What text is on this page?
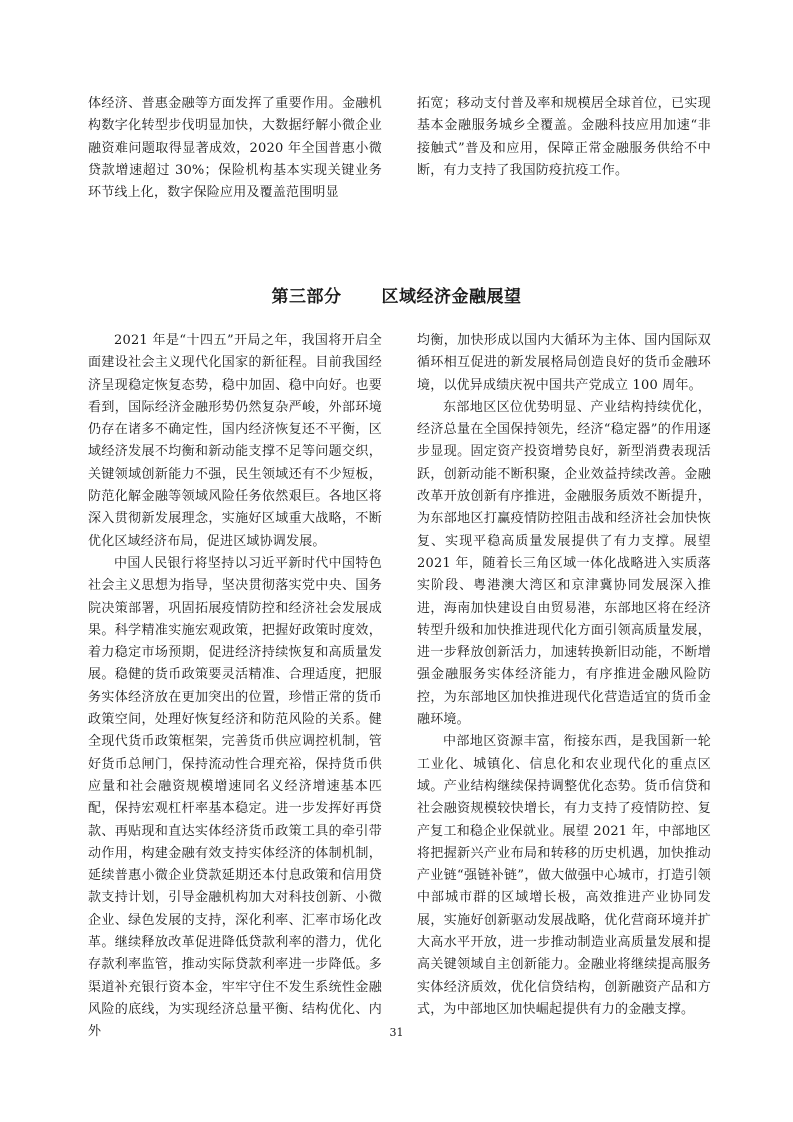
体经济、普惠金融等方面发挥了重要作用。金融机构数字化转型步伐明显加快，大数据纾解小微企业融资难问题取得显著成效，2020 年全国普惠小微贷款增速超过 30%；保险机构基本实现关键业务环节线上化，数字保险应用及覆盖范围明显

拓宽；移动支付普及率和规模居全球首位，已实现基本金融服务城乡全覆盖。金融科技应用加速“非接触式”普及和应用，保障正常金融服务供给不中断，有力支持了我国防疫抗疫工作。

第三部分 区域经济金融展望

2021 年是“十四五”开局之年，我国将开启全面建设社会主义现代化国家的新征程。目前我国经济呈现稳定恢复态势，稳中加固、稳中向好。也要看到，国际经济金融形势仍然复杂严峻，外部环境仍存在诸多不确定性，国内经济恢复还不平衡，区域经济发展不均衡和新动能支撑不足等问题交织，关键领域创新能力不强，民生领域还有不少短板，防范化解金融等领域风险任务依然艰巨。各地区将深入贯彻新发展理念，实施好区域重大战略，不断优化区域经济布局，促进区域协调发展。

中国人民银行将坚持以习近平新时代中国特色社会主义思想为指导，坚决贯彻落实党中央、国务院决策部署，巩固拓展疫情防控和经济社会发展成果。科学精准实施宏观政策，把握好政策时度效，着力稳定市场预期，促进经济持续恢复和高质量发展。稳健的货币政策要灵活精准、合理适度，把服务实体经济放在更加突出的位置，珍惜正常的货币政策空间，处理好恢复经济和防范风险的关系。健全现代货币政策框架，完善货币供应调控机制，管好货币总闸门，保持流动性合理充裕，保持货币供应量和社会融资规模增速同名义经济增速基本匹配，保持宏观杠杆率基本稳定。进一步发挥好再贷款、再贴现和直达实体经济货币政策工具的牵引带动作用，构建金融有效支持实体经济的体制机制，延续普惠小微企业贷款延期还本付息政策和信用贷款支持计划，引导金融机构加大对科技创新、小微企业、绿色发展的支持，深化利率、汇率市场化改革。继续释放改革促进降低贷款利率的潜力，优化存款利率监管，推动实际贷款利率进一步降低。多渠道补充银行资本金，牢牢守住不发生系统性金融风险的底线，为实现经济总量平衡、结构优化、内外

均衡，加快形成以国内大循环为主体、国内国际双循环相互促进的新发展格局创造良好的货币金融环境，以优异成绩庆祝中国共产党成立 100 周年。

东部地区区位优势明显、产业结构持续优化，经济总量在全国保持领先，经济“稳定器”的作用逐步显现。固定资产投资增势良好，新型消费表现活跃，创新动能不断积聚，企业效益持续改善。金融改革开放创新有序推进，金融服务质效不断提升，为东部地区打赢疫情防控阻击战和经济社会加快恢复、实现平稳高质量发展提供了有力支撑。展望 2021 年，随着长三角区域一体化战略进入实质落实阶段、粤港澳大湾区和京津冀协同发展深入推进，海南加快建设自由贸易港，东部地区将在经济转型升级和加快推进现代化方面引领高质量发展，进一步释放创新活力，加速转换新旧动能，不断增强金融服务实体经济能力，有序推进金融风险防控，为东部地区加快推进现代化营造适宜的货币金融环境。

中部地区资源丰富，衔接东西，是我国新一轮工业化、城镇化、信息化和农业现代化的重点区域。产业结构继续保持调整优化态势。货币信贷和社会融资规模较快增长，有力支持了疫情防控、复产复工和稳企业保就业。展望 2021 年，中部地区将把握新兴产业布局和转移的历史机遇，加快推动产业链“强链补链”，做大做强中心城市，打造引领中部城市群的区域增长极，高效推进产业协同发展，实施好创新驱动发展战略，优化营商环境并扩大高水平开放，进一步推动制造业高质量发展和提高关键领域自主创新能力。金融业将继续提高服务实体经济质效，优化信贷结构，创新融资产品和方式，为中部地区加快崛起提供有力的金融支撑。

31
